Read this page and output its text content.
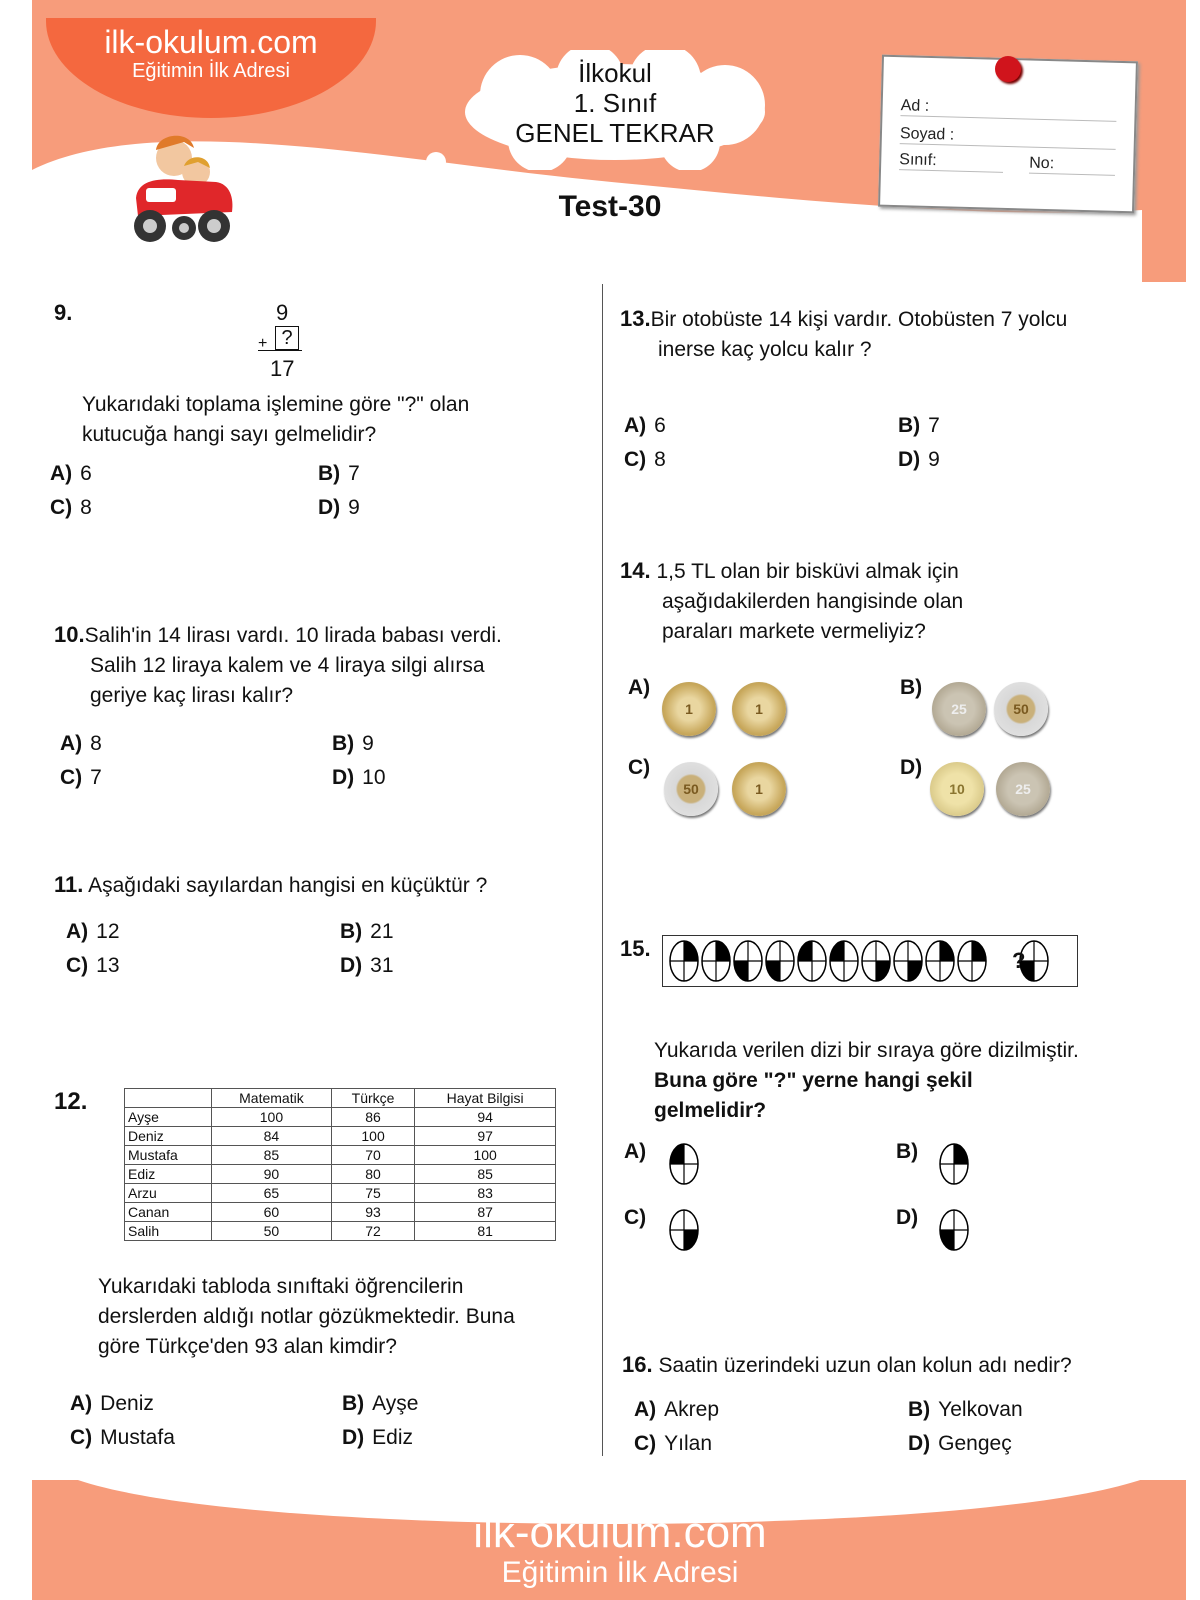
ilk-okulum.com
Eğitimin İlk Adresi	İlkokul
1. Sınıf
GENEL TEKRAR
Test-30
Ad :
Soyad :
Sınıf:	No:
9.	9
+ ?
17
Yukarıdaki toplama işlemine göre "?" olan
kutucuğa hangi sayı gelmelidir?
A) 6	B) 7
C) 8	D) 9
10.Salih'in 14 lirası vardı. 10 lirada babası verdi.
Salih 12 liraya kalem ve 4 liraya silgi alırsa
geriye kaç lirası kalır?
A) 8	B) 9
C) 7	D) 10
11. Aşağıdaki sayılardan hangisi en küçüktür ?
A) 12	B) 21
C) 13	D) 31
12.
		Matematik	Türkçe	Hayat Bilgisi
Ayşe	100	86	94
Deniz	84	100	97
Mustafa	85	70	100
Ediz	90	80	85
Arzu	65	75	83
Canan	60	93	87
Salih	50	72	81
Yukarıdaki tabloda sınıftaki öğrencilerin
derslerden aldığı notlar gözükmektedir. Buna
göre Türkçe'den 93 alan kimdir?
A) Deniz	B) Ayşe
C) Mustafa	D) Ediz
13.Bir otobüste 14 kişi vardır. Otobüsten 7 yolcu
inerse kaç yolcu kalır ?
A) 6	B) 7
C) 8	D) 9
14. 1,5 TL olan bir bisküvi almak için
aşağıdakilerden hangisinde olan
paraları markete vermeliyiz?
A)
1	1
B)
25	50
C)
50	1
D)
10	25
15.	?
Yukarıda verilen dizi bir sıraya göre dizilmiştir.
Buna göre "?" yerne hangi şekil
gelmelidir?
A)	B)
C)	D)
16. Saatin üzerindeki uzun olan kolun adı nedir?
A) Akrep	B) Yelkovan
C) Yılan	D) Gengeç
ilk-okulum.com
Eğitimin İlk Adresi
